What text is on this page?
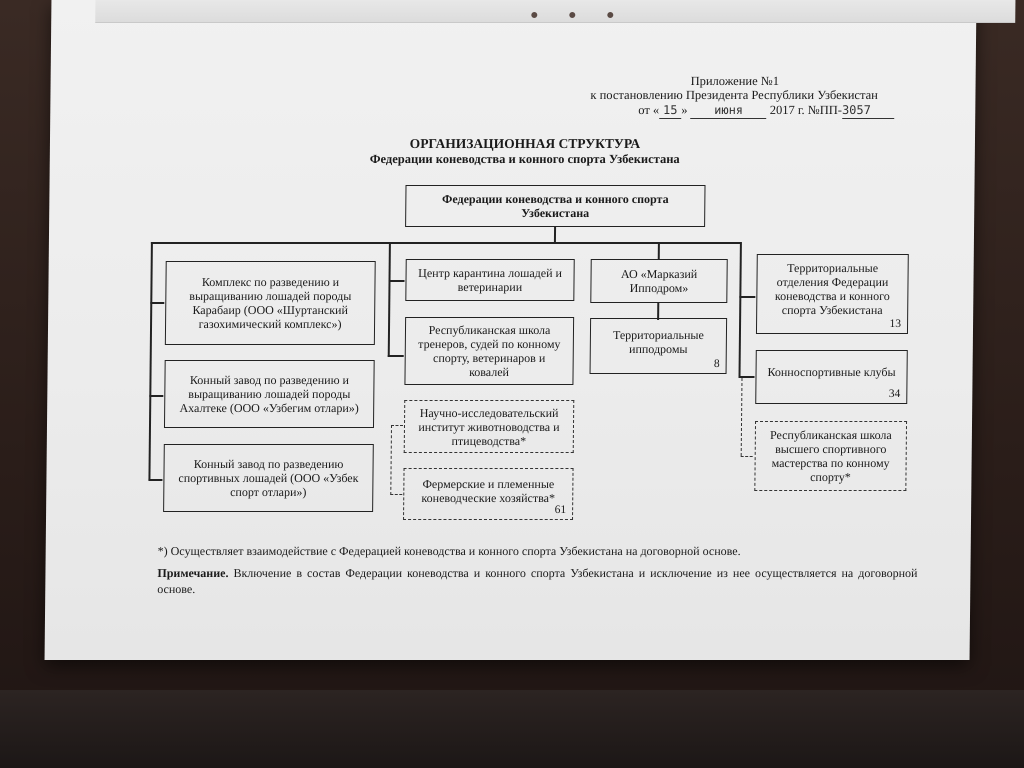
Приложение №1
к постановлению Президента Республики Узбекистан
от « 15 » июня 2017 г. №ПП-3057
ОРГАНИЗАЦИОННАЯ СТРУКТУРА
Федерации коневодства и конного спорта Узбекистана
Федерации коневодства и конного спорта Узбекистана
Комплекс по разведению и выращиванию лошадей породы Карабаир (ООО «Шуртанский газохимический комплекс»)
Конный завод по разведению и выращиванию лошадей породы Ахалтеке (ООО «Узбегим отлари»)
Конный завод по разведению спортивных лошадей (ООО «Узбек спорт отлари»)
Центр карантина лошадей и ветеринарии
Республиканская школа тренеров, судей по конному спорту, ветеринаров и ковалей
Научно-исследовательский институт животноводства и птицеводства*
Фермерские и племенные коневодческие хозяйства*
61
АО «Марказий Ипподром»
Территориальные ипподромы
8
Территориальные отделения Федерации коневодства и конного спорта Узбекистана
13
Конноспортивные клубы
34
Республиканская школа высшего спортивного мастерства по конному спорту*
*) Осуществляет взаимодействие с Федерацией коневодства и конного спорта Узбекистана на договорной основе.
Примечание. Включение в состав Федерации коневодства и конного спорта Узбекистана и исключение из нее осуществляется на договорной основе.
